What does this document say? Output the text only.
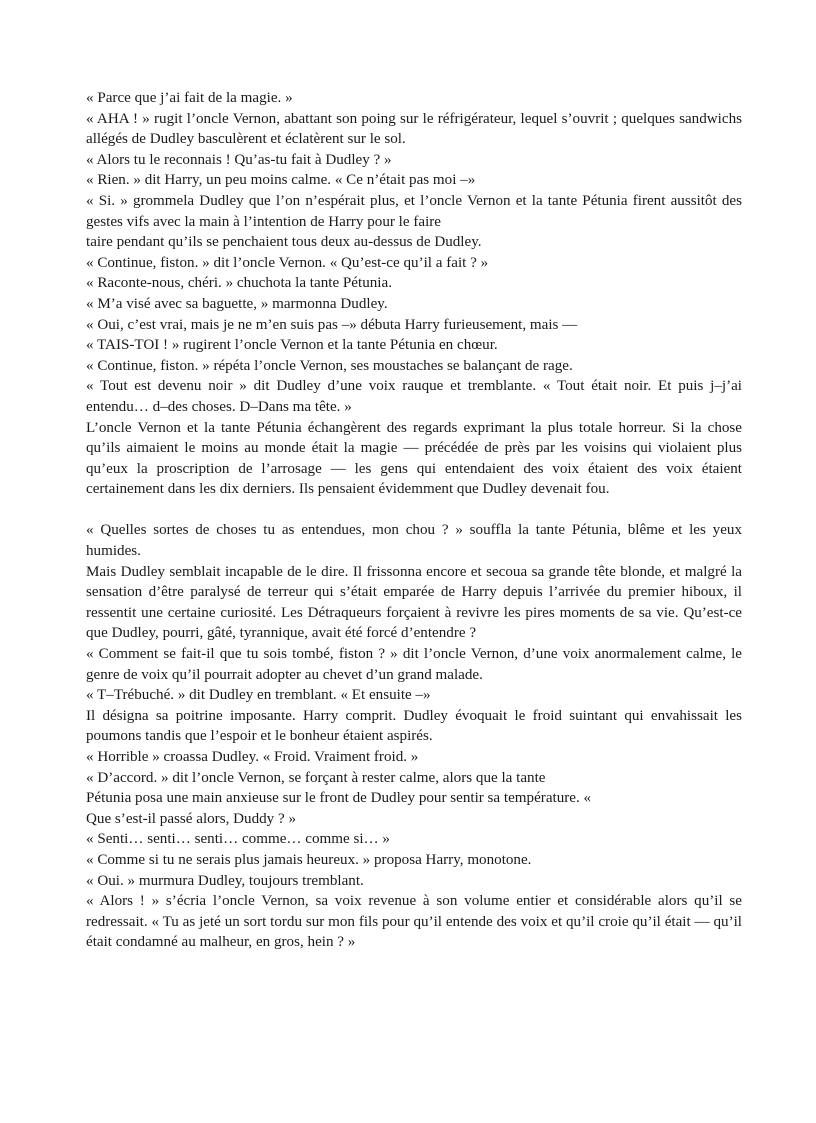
« Parce que j’ai fait de la magie. »

« AHA ! » rugit l’oncle Vernon, abattant son poing sur le réfrigérateur, lequel s’ouvrit ; quelques sandwichs allégés de Dudley basculèrent et éclatèrent sur le sol.

« Alors tu le reconnais ! Qu’as-tu fait à Dudley ? »

« Rien. » dit Harry, un peu moins calme. « Ce n’était pas moi –»

« Si. » grommela Dudley que l’on n’espérait plus, et l’oncle Vernon et la tante Pétunia firent aussitôt des gestes vifs avec la main à l’intention de Harry pour le faire

taire pendant qu’ils se penchaient tous deux au-dessus de Dudley.

« Continue, fiston. » dit l’oncle Vernon. « Qu’est-ce qu’il a fait ? »

« Raconte-nous, chéri. » chuchota la tante Pétunia.

« M’a visé avec sa baguette, » marmonna Dudley.

« Oui, c’est vrai, mais je ne m’en suis pas –» débuta Harry furieusement, mais —

« TAIS-TOI ! » rugirent l’oncle Vernon et la tante Pétunia en chœur.

« Continue, fiston. » répéta l’oncle Vernon, ses moustaches se balançant de rage.

« Tout est devenu noir » dit Dudley d’une voix rauque et tremblante. « Tout était noir. Et puis j–j’ai entendu… d–des choses. D–Dans ma tête. »

L’oncle Vernon et la tante Pétunia échangèrent des regards exprimant la plus totale horreur. Si la chose qu’ils aimaient le moins au monde était la magie — précédée de près par les voisins qui violaient plus qu’eux la proscription de l’arrosage — les gens qui entendaient des voix étaient des voix étaient certainement dans les dix derniers. Ils pensaient évidemment que Dudley devenait fou.

« Quelles sortes de choses tu as entendues, mon chou ? » souffla la tante Pétunia, blême et les yeux humides.

Mais Dudley semblait incapable de le dire. Il frissonna encore et secoua sa grande tête blonde, et malgré la sensation d’être paralysé de terreur qui s’était emparée de Harry depuis l’arrivée du premier hiboux, il ressentit une certaine curiosité. Les Détraqueurs forçaient à revivre les pires moments de sa vie. Qu’est-ce que Dudley, pourri, gâté, tyrannique, avait été forcé d’entendre ?

« Comment se fait-il que tu sois tombé, fiston ? » dit l’oncle Vernon, d’une voix anormalement calme, le genre de voix qu’il pourrait adopter au chevet d’un grand malade.

« T–Trébuché. » dit Dudley en tremblant. « Et ensuite –»

Il désigna sa poitrine imposante. Harry comprit. Dudley évoquait le froid suintant qui envahissait les poumons tandis que l’espoir et le bonheur étaient aspirés.

« Horrible » croassa Dudley. « Froid. Vraiment froid. »

« D’accord. » dit l’oncle Vernon, se forçant à rester calme, alors que la tante

Pétunia posa une main anxieuse sur le front de Dudley pour sentir sa température. «

Que s’est-il passé alors, Duddy ? »

« Senti… senti… senti… comme… comme si… »

« Comme si tu ne serais plus jamais heureux. » proposa Harry, monotone.

« Oui. » murmura Dudley, toujours tremblant.

« Alors ! » s’écria l’oncle Vernon, sa voix revenue à son volume entier et considérable alors qu’il se redressait. « Tu as jeté un sort tordu sur mon fils pour qu’il entende des voix et qu’il croie qu’il était — qu’il était condamné au malheur, en gros, hein ? »
